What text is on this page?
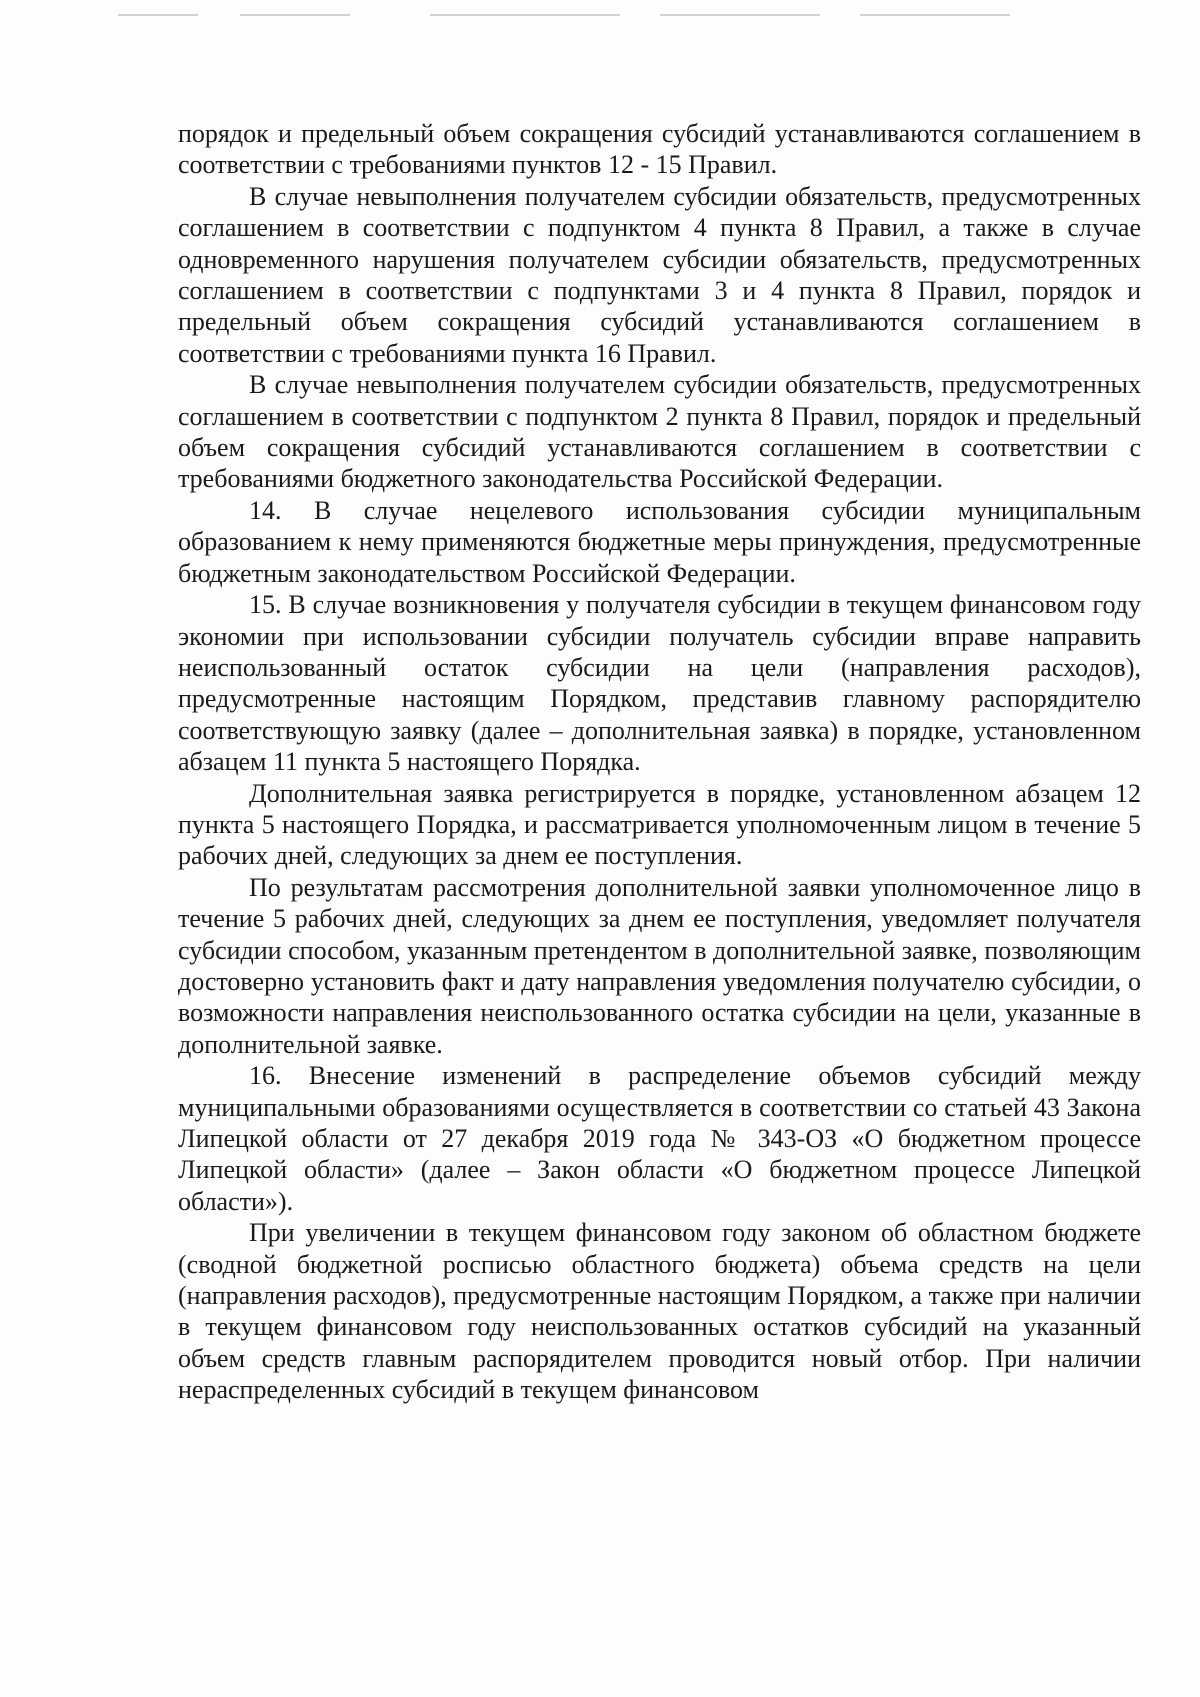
порядок и предельный объем сокращения субсидий устанавливаются соглашением в соответствии с требованиями пунктов 12 - 15 Правил.

В случае невыполнения получателем субсидии обязательств, предусмотренных соглашением в соответствии с подпунктом 4 пункта 8 Правил, а также в случае одновременного нарушения получателем субсидии обязательств, предусмотренных соглашением в соответствии с подпунктами 3 и 4 пункта 8 Правил, порядок и предельный объем сокращения субсидий устанавливаются соглашением в соответствии с требованиями пункта 16 Правил.

В случае невыполнения получателем субсидии обязательств, предусмотренных соглашением в соответствии с подпунктом 2 пункта 8 Правил, порядок и предельный объем сокращения субсидий устанавливаются соглашением в соответствии с требованиями бюджетного законодательства Российской Федерации.

14. В случае нецелевого использования субсидии муниципальным образованием к нему применяются бюджетные меры принуждения, предусмотренные бюджетным законодательством Российской Федерации.

15. В случае возникновения у получателя субсидии в текущем финансовом году экономии при использовании субсидии получатель субсидии вправе направить неиспользованный остаток субсидии на цели (направления расходов), предусмотренные настоящим Порядком, представив главному распорядителю соответствующую заявку (далее – дополнительная заявка) в порядке, установленном абзацем 11 пункта 5 настоящего Порядка.

Дополнительная заявка регистрируется в порядке, установленном абзацем 12 пункта 5 настоящего Порядка, и рассматривается уполномоченным лицом в течение 5 рабочих дней, следующих за днем ее поступления.

По результатам рассмотрения дополнительной заявки уполномоченное лицо в течение 5 рабочих дней, следующих за днем ее поступления, уведомляет получателя субсидии способом, указанным претендентом в дополнительной заявке, позволяющим достоверно установить факт и дату направления уведомления получателю субсидии, о возможности направления неиспользованного остатка субсидии на цели, указанные в дополнительной заявке.

16. Внесение изменений в распределение объемов субсидий между муниципальными образованиями осуществляется в соответствии со статьей 43 Закона Липецкой области от 27 декабря 2019 года № 343-ОЗ «О бюджетном процессе Липецкой области» (далее – Закон области «О бюджетном процессе Липецкой области»).

При увеличении в текущем финансовом году законом об областном бюджете (сводной бюджетной росписью областного бюджета) объема средств на цели (направления расходов), предусмотренные настоящим Порядком, а также при наличии в текущем финансовом году неиспользованных остатков субсидий на указанный объем средств главным распорядителем проводится новый отбор. При наличии нераспределенных субсидий в текущем финансовом
